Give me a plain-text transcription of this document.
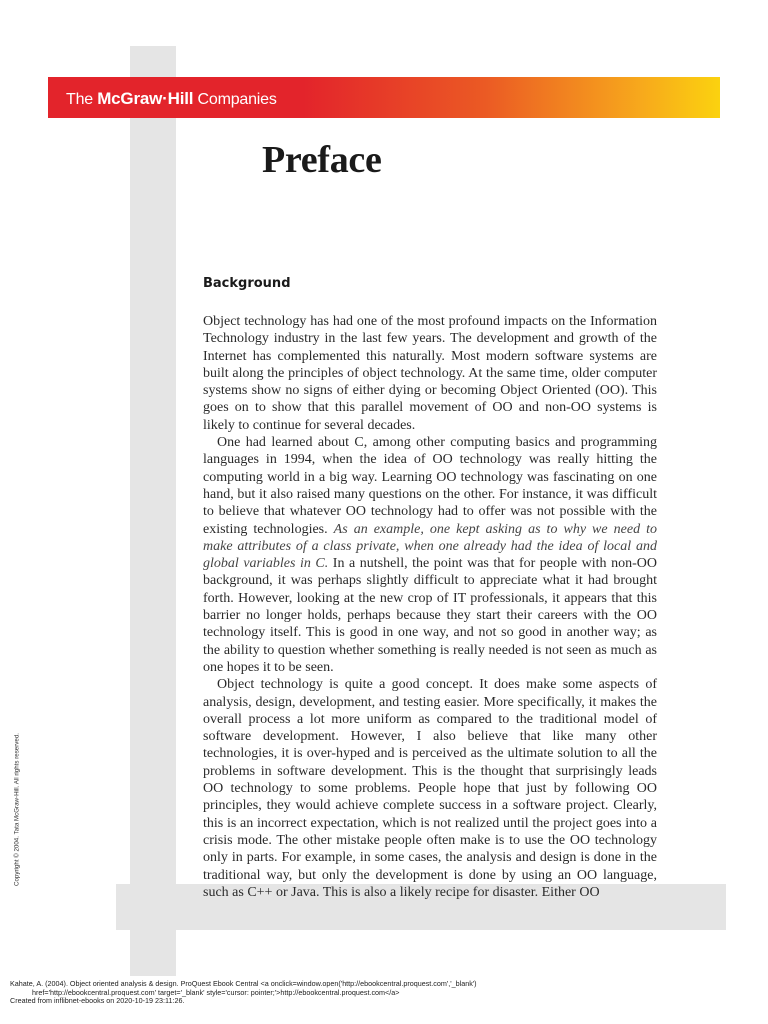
The McGraw·Hill Companies
Preface
Background

Object technology has had one of the most profound impacts on the Information Technology industry in the last few years. The development and growth of the Internet has complemented this naturally. Most modern software systems are built along the principles of object technology. At the same time, older computer systems show no signs of either dying or becoming Object Oriented (OO). This goes on to show that this parallel movement of OO and non-OO systems is likely to continue for several decades.

One had learned about C, among other computing basics and programming languages in 1994, when the idea of OO technology was really hitting the computing world in a big way. Learning OO technology was fascinating on one hand, but it also raised many questions on the other. For instance, it was difficult to believe that whatever OO technology had to offer was not possible with the existing technologies. As an example, one kept asking as to why we need to make attributes of a class private, when one already had the idea of local and global variables in C. In a nutshell, the point was that for people with non-OO background, it was perhaps slightly difficult to appreciate what it had brought forth. However, looking at the new crop of IT professionals, it appears that this barrier no longer holds, perhaps because they start their careers with the OO technology itself. This is good in one way, and not so good in another way; as the ability to question whether something is really needed is not seen as much as one hopes it to be seen.

Object technology is quite a good concept. It does make some aspects of analysis, design, development, and testing easier. More specifically, it makes the overall process a lot more uniform as compared to the traditional model of software development. However, I also believe that like many other technologies, it is over-hyped and is perceived as the ultimate solution to all the problems in software development. This is the thought that surprisingly leads OO technology to some problems. People hope that just by following OO principles, they would achieve complete success in a software project. Clearly, this is an incorrect expectation, which is not realized until the project goes into a crisis mode. The other mistake people often make is to use the OO technology only in parts. For example, in some cases, the analysis and design is done in the traditional way, but only the development is done by using an OO language, such as C++ or Java. This is also a likely recipe for disaster. Either OO

Copyright © 2004. Tata McGraw-Hill. All rights reserved.
Kahate, A. (2004). Object oriented analysis & design. ProQuest Ebook Central <a onclick=window.open('http://ebookcentral.proquest.com','_blank')
href='http://ebookcentral.proquest.com' target='_blank' style='cursor: pointer;'>http://ebookcentral.proquest.com</a>
Created from inflibnet-ebooks on 2020-10-19 23:11:26.
